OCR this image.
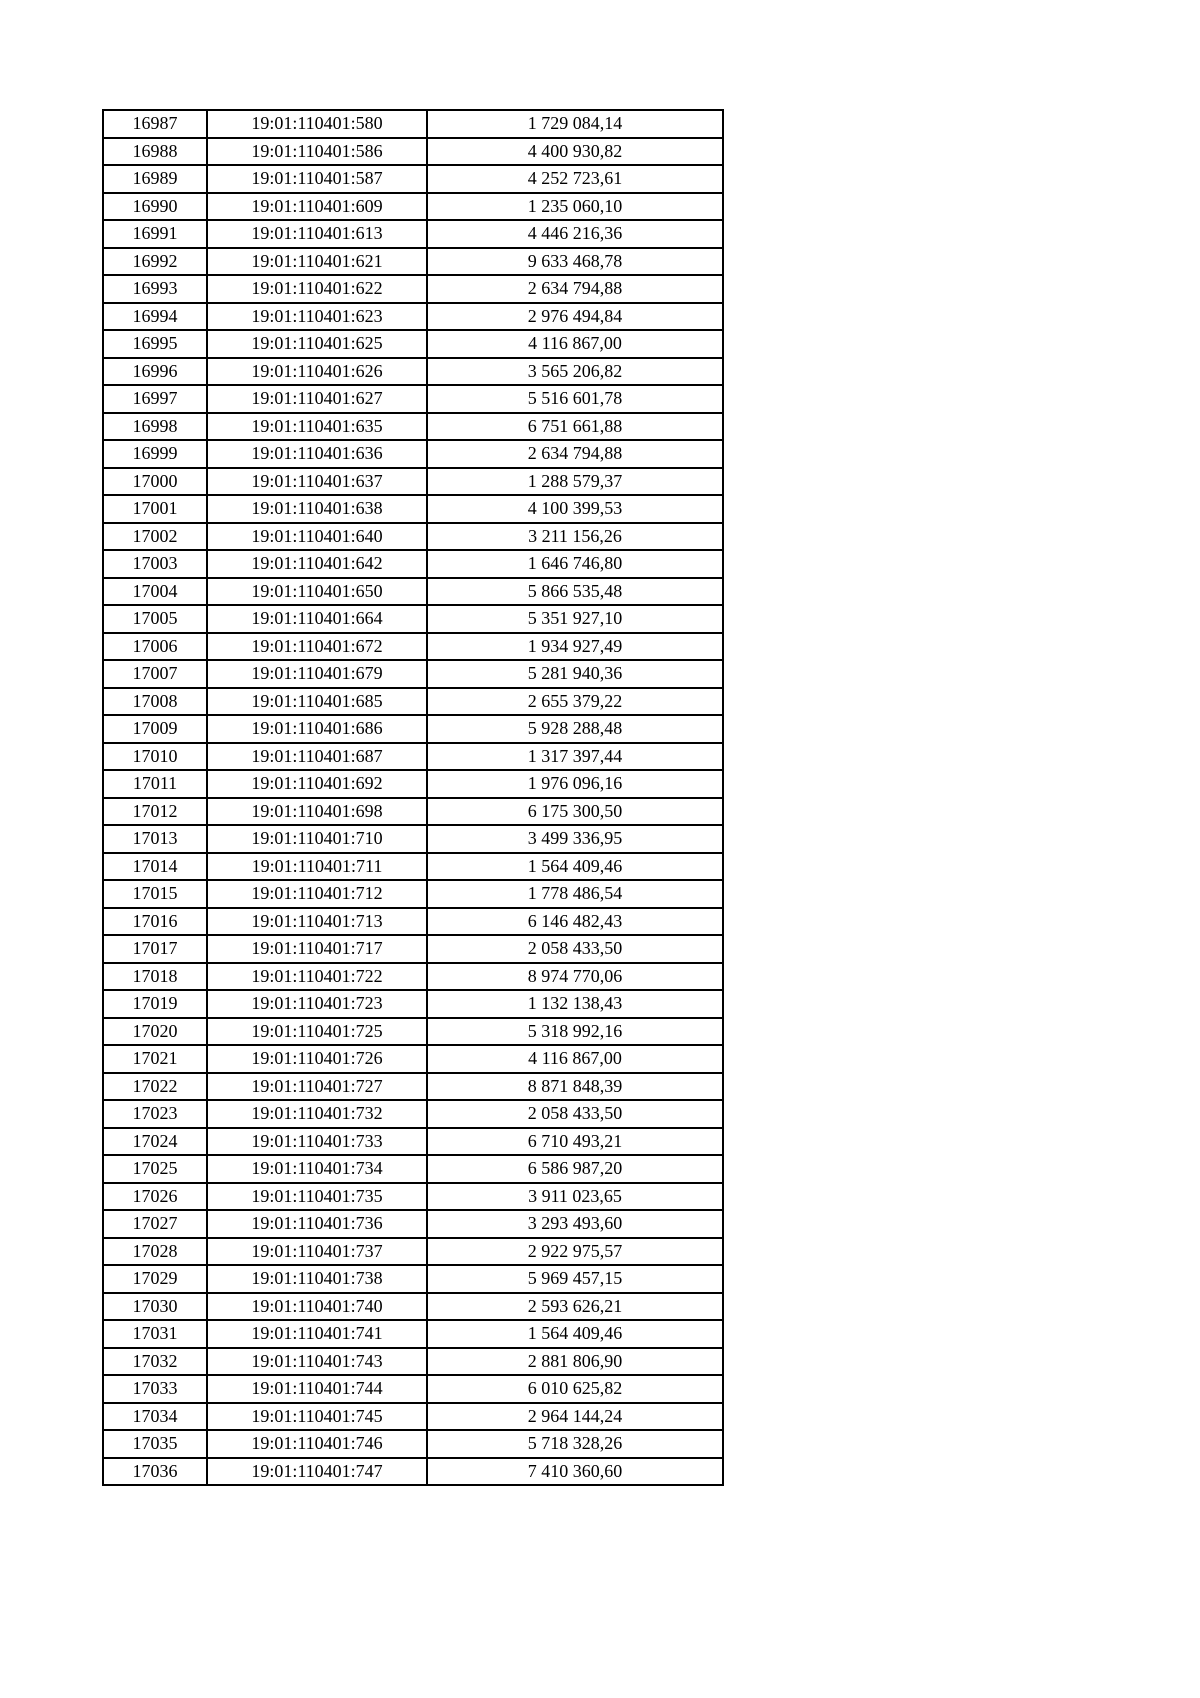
16987	19:01:110401:580	1 729 084,14
16988	19:01:110401:586	4 400 930,82
16989	19:01:110401:587	4 252 723,61
16990	19:01:110401:609	1 235 060,10
16991	19:01:110401:613	4 446 216,36
16992	19:01:110401:621	9 633 468,78
16993	19:01:110401:622	2 634 794,88
16994	19:01:110401:623	2 976 494,84
16995	19:01:110401:625	4 116 867,00
16996	19:01:110401:626	3 565 206,82
16997	19:01:110401:627	5 516 601,78
16998	19:01:110401:635	6 751 661,88
16999	19:01:110401:636	2 634 794,88
17000	19:01:110401:637	1 288 579,37
17001	19:01:110401:638	4 100 399,53
17002	19:01:110401:640	3 211 156,26
17003	19:01:110401:642	1 646 746,80
17004	19:01:110401:650	5 866 535,48
17005	19:01:110401:664	5 351 927,10
17006	19:01:110401:672	1 934 927,49
17007	19:01:110401:679	5 281 940,36
17008	19:01:110401:685	2 655 379,22
17009	19:01:110401:686	5 928 288,48
17010	19:01:110401:687	1 317 397,44
17011	19:01:110401:692	1 976 096,16
17012	19:01:110401:698	6 175 300,50
17013	19:01:110401:710	3 499 336,95
17014	19:01:110401:711	1 564 409,46
17015	19:01:110401:712	1 778 486,54
17016	19:01:110401:713	6 146 482,43
17017	19:01:110401:717	2 058 433,50
17018	19:01:110401:722	8 974 770,06
17019	19:01:110401:723	1 132 138,43
17020	19:01:110401:725	5 318 992,16
17021	19:01:110401:726	4 116 867,00
17022	19:01:110401:727	8 871 848,39
17023	19:01:110401:732	2 058 433,50
17024	19:01:110401:733	6 710 493,21
17025	19:01:110401:734	6 586 987,20
17026	19:01:110401:735	3 911 023,65
17027	19:01:110401:736	3 293 493,60
17028	19:01:110401:737	2 922 975,57
17029	19:01:110401:738	5 969 457,15
17030	19:01:110401:740	2 593 626,21
17031	19:01:110401:741	1 564 409,46
17032	19:01:110401:743	2 881 806,90
17033	19:01:110401:744	6 010 625,82
17034	19:01:110401:745	2 964 144,24
17035	19:01:110401:746	5 718 328,26
17036	19:01:110401:747	7 410 360,60
